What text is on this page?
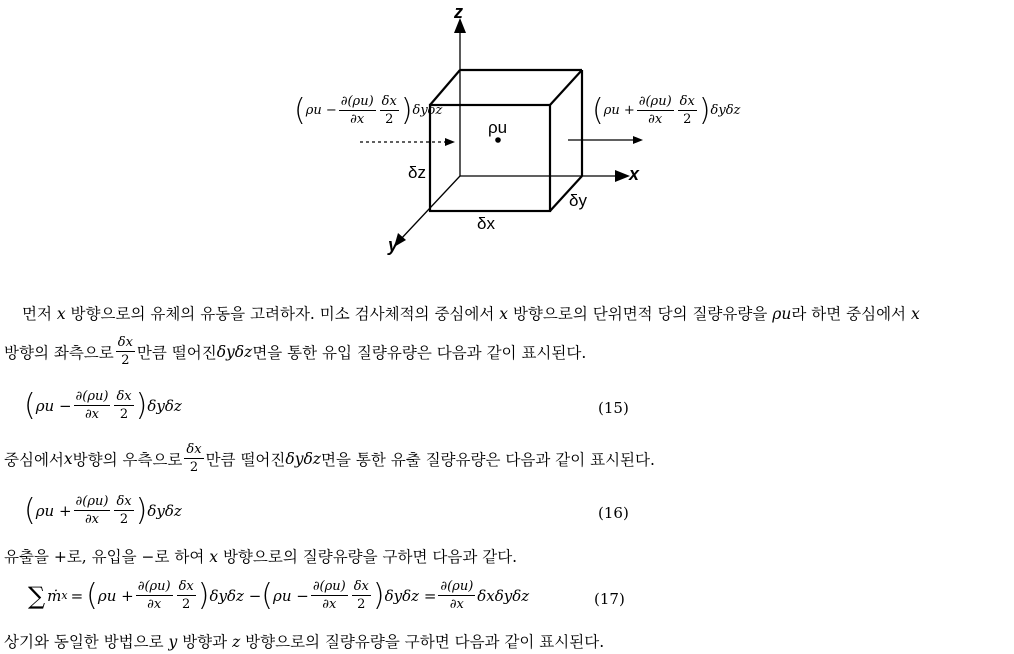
z
x
y
ρu
δz
δx
δy
( $\rho u - \frac{\partial(\rho u)}{\partial x} \frac{\delta x}{2}$ ) δyδz	( $\rho u + \frac{\partial(\rho u)}{\partial x} \frac{\delta x}{2}$ ) δyδz
먼저 x 방향으로의 유체의 유동을 고려하자. 미소 검사체적의 중심에서 x 방향으로의 단위면적 당의 질량유량을 ρu라 하면 중심에서 x
방향의 좌측으로 $\frac{\delta x}{2}$ 만큼 떨어진 δyδz 면을 통한 유입 질량유량은 다음과 같이 표시된다.
( $\rho u - \frac{\partial(\rho u)}{\partial x} \frac{\delta x}{2}$ ) δyδz	(15)
중심에서 x 방향의 우측으로 $\frac{\delta x}{2}$ 만큼 떨어진 δyδz 면을 통한 유출 질량유량은 다음과 같이 표시된다.
( $\rho u + \frac{\partial(\rho u)}{\partial x} \frac{\delta x}{2}$ ) δyδz	(16)
유출을 +로, 유입을 −로 하여 x 방향으로의 질량유량을 구하면 다음과 같다.
∑ ṁ x = ( $\rho u + \frac{\partial(\rho u)}{\partial x} \frac{\delta x}{2}$ ) δyδz − ( $\rho u - \frac{\partial(\rho u)}{\partial x} \frac{\delta x}{2}$ ) $\delta y\delta z = \frac{\partial(\rho u)}{\partial x}$ δxδyδz	(17)
상기와 동일한 방법으로 y 방향과 z 방향으로의 질량유량을 구하면 다음과 같이 표시된다.
